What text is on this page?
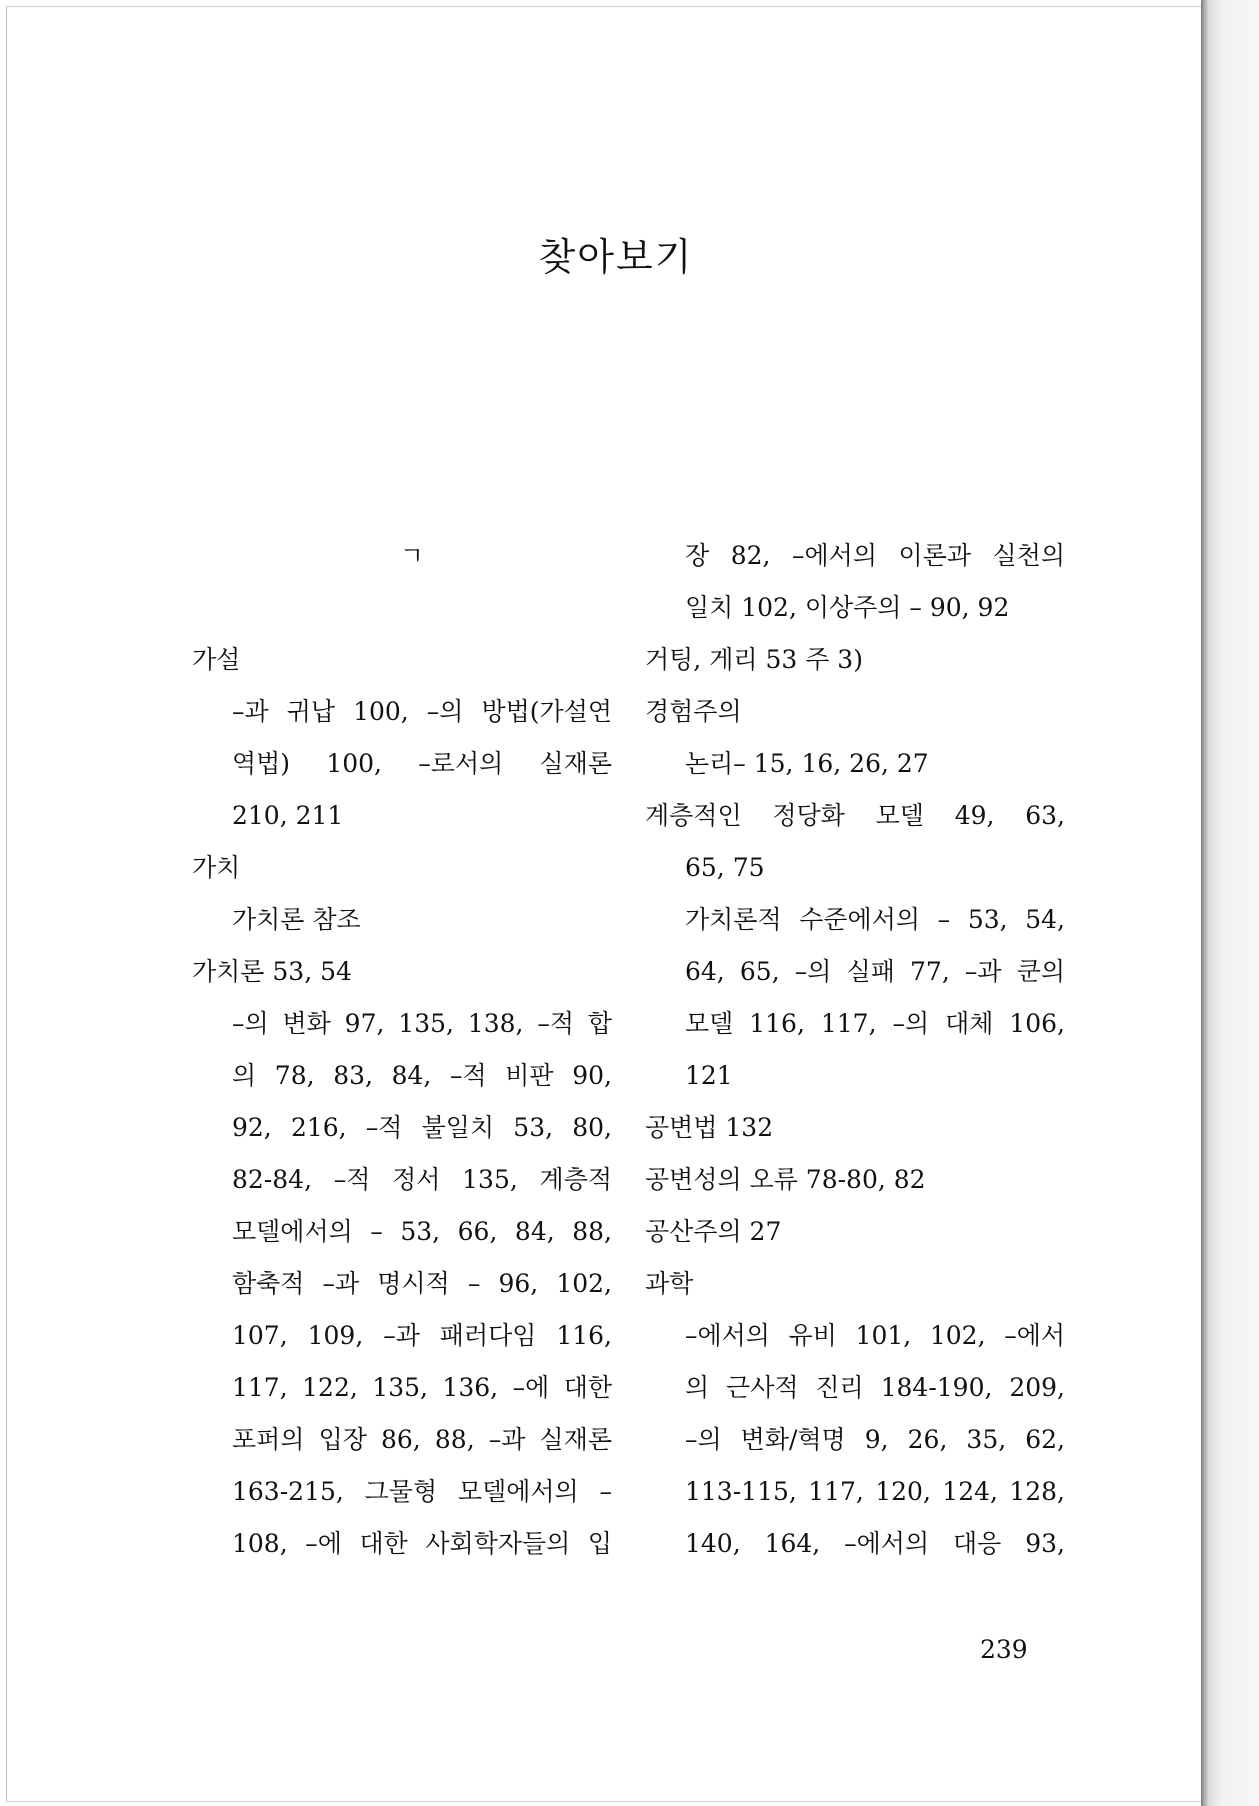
찾아보기
ㄱ
가설
–과 귀납 100, –의 방법(가설연
역법) 100, –로서의 실재론
210, 211
가치
가치론 참조
가치론 53, 54
–의 변화 97, 135, 138, –적 합
의 78, 83, 84, –적 비판 90,
92, 216, –적 불일치 53, 80,
82-84, –적 정서 135, 계층적
모델에서의 – 53, 66, 84, 88,
함축적 –과 명시적 – 96, 102,
107, 109, –과 패러다임 116,
117, 122, 135, 136, –에 대한
포퍼의 입장 86, 88, –과 실재론
163-215, 그물형 모델에서의 –
108, –에 대한 사회학자들의 입
장 82, –에서의 이론과 실천의
일치 102, 이상주의 – 90, 92
거팅, 게리 53 주 3)
경험주의
논리– 15, 16, 26, 27
계층적인 정당화 모델 49, 63,
65, 75
가치론적 수준에서의 – 53, 54,
64, 65, –의 실패 77, –과 쿤의
모델 116, 117, –의 대체 106,
121
공변법 132
공변성의 오류 78-80, 82
공산주의 27
과학
–에서의 유비 101, 102, –에서
의 근사적 진리 184-190, 209,
–의 변화/혁명 9, 26, 35, 62,
113-115, 117, 120, 124, 128,
140, 164, –에서의 대응 93,
239
